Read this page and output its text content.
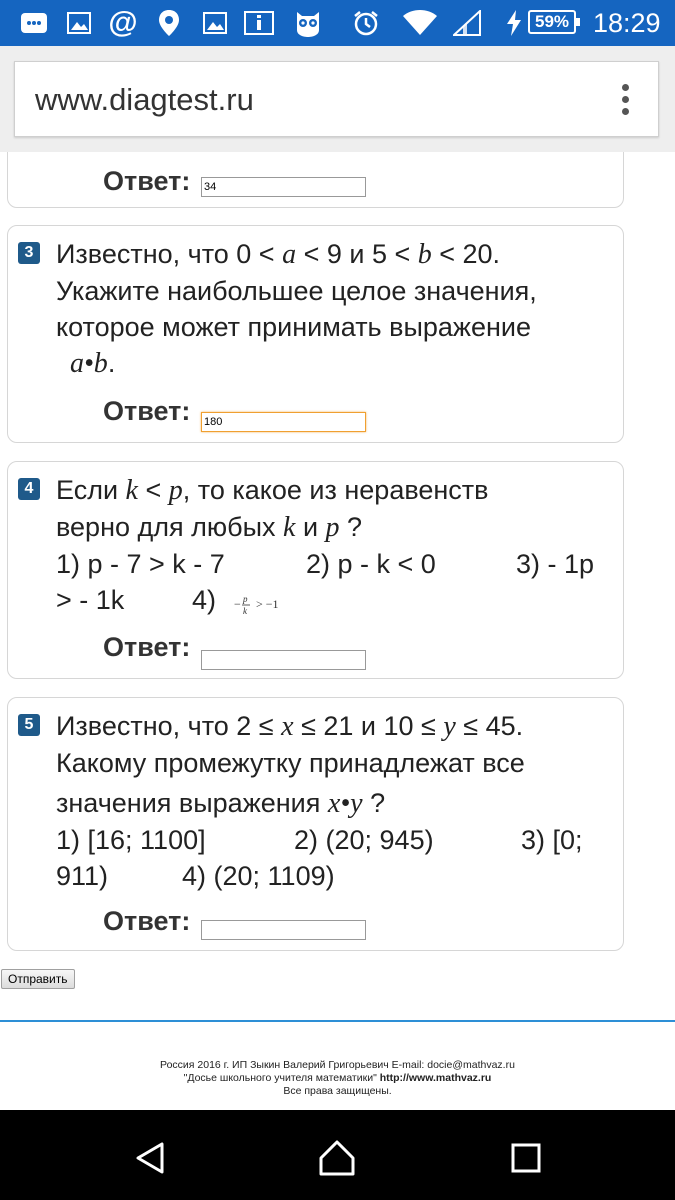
@	59% 18:29
www.diagtest.ru
Ответ:
34
3 Известно, что 0 < a < 9 и 5 < b < 20.
Укажите наибольшее целое значения,
которое может принимать выражение
a•b.
Ответ:
180
4 Если k < p, то какое из неравенств
верно для любых k и p ?
1) p - 7 > k - 7	2) p - k < 0	3) - 1p
> - 1k	4) − p
k > −1
Ответ:
5 Известно, что 2 ≤ x ≤ 21 и 10 ≤ y ≤ 45.
Какому промежутку принадлежат все
значения выражения x•y ?
1) [16; 1100]	2) (20; 945)	3) [0;
911)	4) (20; 1109)
Ответ:
Отправить
Россия 2016 г. ИП Зыкин Валерий Григорьевич E-mail: docie@mathvaz.ru
"Досье школьного учителя математики" http://www.mathvaz.ru
Все права защищены.
